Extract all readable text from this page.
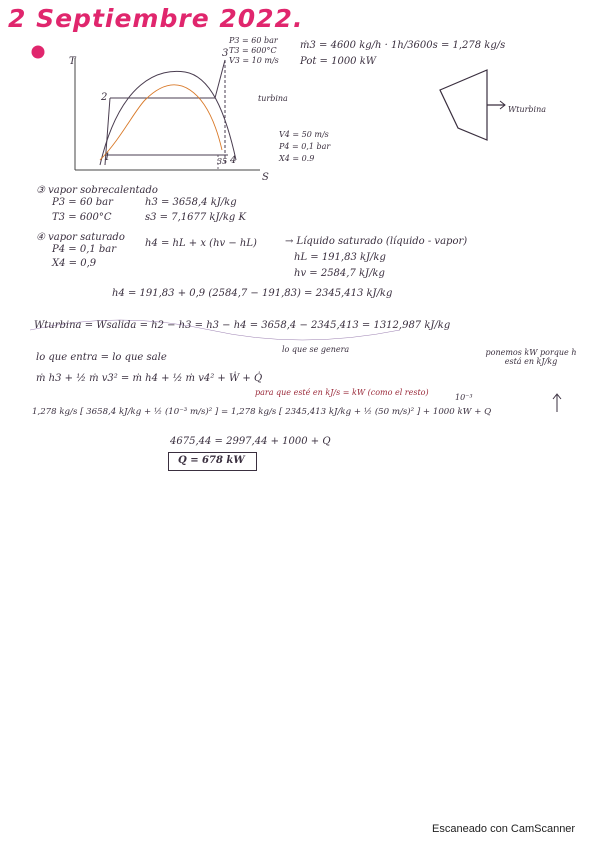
2 Septiembre 2022.
T
S
2
1
3
4
35
turbina
P3 = 60 bar
T3 = 600°C
V3 = 10 m/s
V4 = 50 m/s
P4 = 0,1 bar
X4 = 0.9
Wturbina
ṁ3 = 4600 kg/h · 1h/3600s = 1,278 kg/s
Pot = 1000 kW
③ vapor sobrecalentado
P3 = 60 bar
T3 = 600°C
h3 = 3658,4 kJ/kg
s3 = 7,1677 kJ/kg K
④ vapor saturado
P4 = 0,1 bar
X4 = 0,9
h4 = hL + x (hv − hL)	→ Líquido saturado (líquido - vapor)
hL = 191,83 kJ/kg
hv = 2584,7 kJ/kg
h4 = 191,83 + 0,9 (2584,7 − 191,83) = 2345,413 kJ/kg
Wturbina = Wsalida = h2 − h3 = h3 − h4 = 3658,4 − 2345,413 = 1312,987 kJ/kg
lo que entra = lo que sale
lo que se genera
ṁ h3 + ½ ṁ v3² = ṁ h4 + ½ ṁ v4² + Ẇ + Q̇
ponemos kW porque h está en kJ/kg
para que esté en kJ/s = kW (como el resto)
1,278 kg/s [ 3658,4 kJ/kg + ½ (10⁻³ m/s)² ] = 1,278 kg/s [ 2345,413 kJ/kg + ½ (50 m/s)² ] + 1000 kW + Q
10⁻³
4675,44 = 2997,44 + 1000 + Q
Q = 678 kW
Escaneado con CamScanner
